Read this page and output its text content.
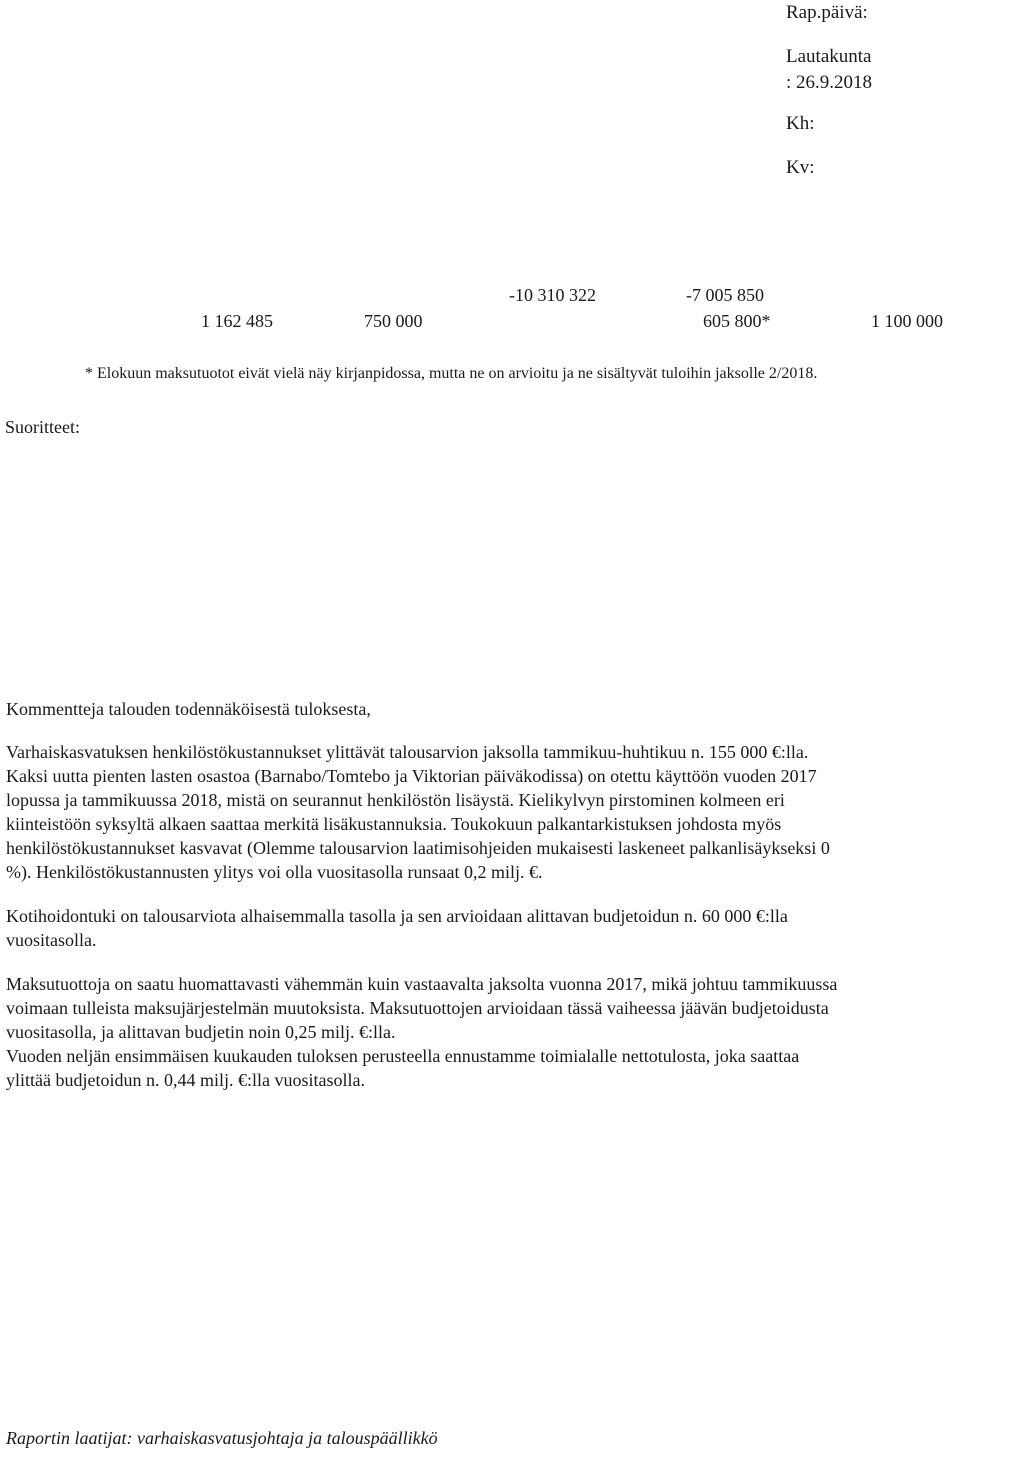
Rap.päivä:
Lautakunta
: 26.9.2018
Kh:
Kv:
-10 310 322	-7 005 850
1 162 485	750 000	605 800*	1 100 000
* Elokuun maksutuotot eivät vielä näy kirjanpidossa, mutta ne on arvioitu ja ne sisältyvät tuloihin jaksolle 2/2018.
Suoritteet:

Kommentteja talouden todennäköisestä tuloksesta,

Varhaiskasvatuksen henkilöstökustannukset ylittävät talousarvion jaksolla tammikuu-huhtikuu n. 155 000 €:lla.

Kaksi uutta pienten lasten osastoa (Barnabo/Tomtebo ja Viktorian päiväkodissa) on otettu käyttöön vuoden 2017

lopussa ja tammikuussa 2018, mistä on seurannut henkilöstön lisäystä. Kielikylvyn pirstominen kolmeen eri

kiinteistöön syksyltä alkaen saattaa merkitä lisäkustannuksia. Toukokuun palkantarkistuksen johdosta myös

henkilöstökustannukset kasvavat (Olemme talousarvion laatimisohjeiden mukaisesti laskeneet palkanlisäykseksi 0

%). Henkilöstökustannusten ylitys voi olla vuositasolla runsaat 0,2 milj. €.

Kotihoidontuki on talousarviota alhaisemmalla tasolla ja sen arvioidaan alittavan budjetoidun n. 60 000 €:lla

vuositasolla.

Maksutuottoja on saatu huomattavasti vähemmän kuin vastaavalta jaksolta vuonna 2017, mikä johtuu tammikuussa

voimaan tulleista maksujärjestelmän muutoksista. Maksutuottojen arvioidaan tässä vaiheessa jäävän budjetoidusta

vuositasolla, ja alittavan budjetin noin 0,25 milj. €:lla.

Vuoden neljän ensimmäisen kuukauden tuloksen perusteella ennustamme toimialalle nettotulosta, joka saattaa

ylittää budjetoidun n. 0,44 milj. €:lla vuositasolla.

Raportin laatijat: varhaiskasvatusjohtaja ja talouspäällikkö
